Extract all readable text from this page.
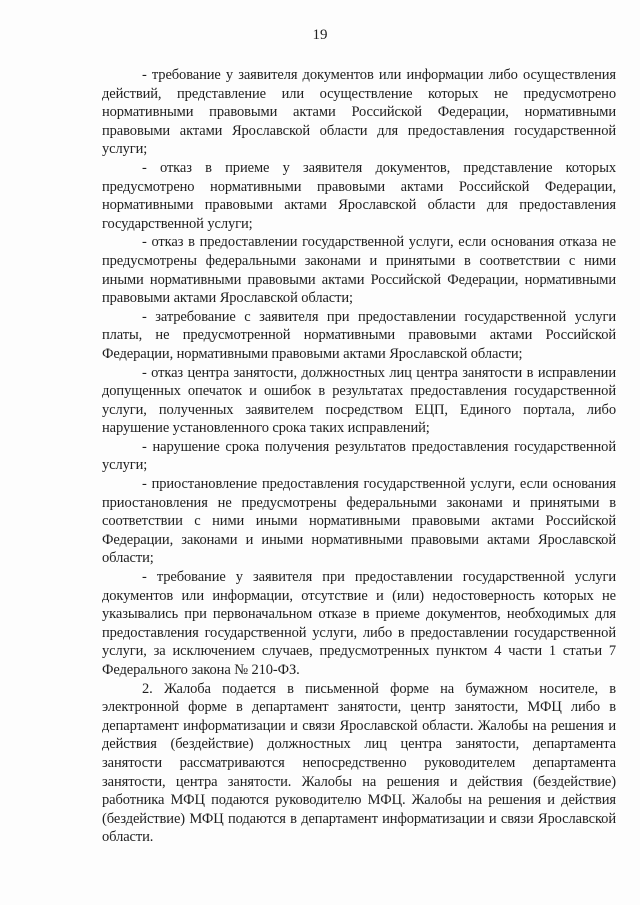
19

- требование у заявителя документов или информации либо осуществления действий, представление или осуществление которых не предусмотрено нормативными правовыми актами Российской Федерации, нормативными правовыми актами Ярославской области для предоставления государственной услуги;

- отказ в приеме у заявителя документов, представление которых предусмотрено нормативными правовыми актами Российской Федерации, нормативными правовыми актами Ярославской области для предоставления государственной услуги;

- отказ в предоставлении государственной услуги, если основания отказа не предусмотрены федеральными законами и принятыми в соответствии с ними иными нормативными правовыми актами Российской Федерации, нормативными правовыми актами Ярославской области;

- затребование с заявителя при предоставлении государственной услуги платы, не предусмотренной нормативными правовыми актами Российской Федерации, нормативными правовыми актами Ярославской области;

- отказ центра занятости, должностных лиц центра занятости в исправлении допущенных опечаток и ошибок в результатах предоставления государственной услуги, полученных заявителем посредством ЕЦП, Единого портала, либо нарушение установленного срока таких исправлений;

- нарушение срока получения результатов предоставления государственной услуги;

- приостановление предоставления государственной услуги, если основания приостановления не предусмотрены федеральными законами и принятыми в соответствии с ними иными нормативными правовыми актами Российской Федерации, законами и иными нормативными правовыми актами Ярославской области;

- требование у заявителя при предоставлении государственной услуги документов или информации, отсутствие и (или) недостоверность которых не указывались при первоначальном отказе в приеме документов, необходимых для предоставления государственной услуги, либо в предоставлении государственной услуги, за исключением случаев, предусмотренных пунктом 4 части 1 статьи 7 Федерального закона № 210-ФЗ.

2. Жалоба подается в письменной форме на бумажном носителе, в электронной форме в департамент занятости, центр занятости, МФЦ либо в департамент информатизации и связи Ярославской области. Жалобы на решения и действия (бездействие) должностных лиц центра занятости, департамента занятости рассматриваются непосредственно руководителем департамента занятости, центра занятости. Жалобы на решения и действия (бездействие) работника МФЦ подаются руководителю МФЦ. Жалобы на решения и действия (бездействие) МФЦ подаются в департамент информатизации и связи Ярославской области.
